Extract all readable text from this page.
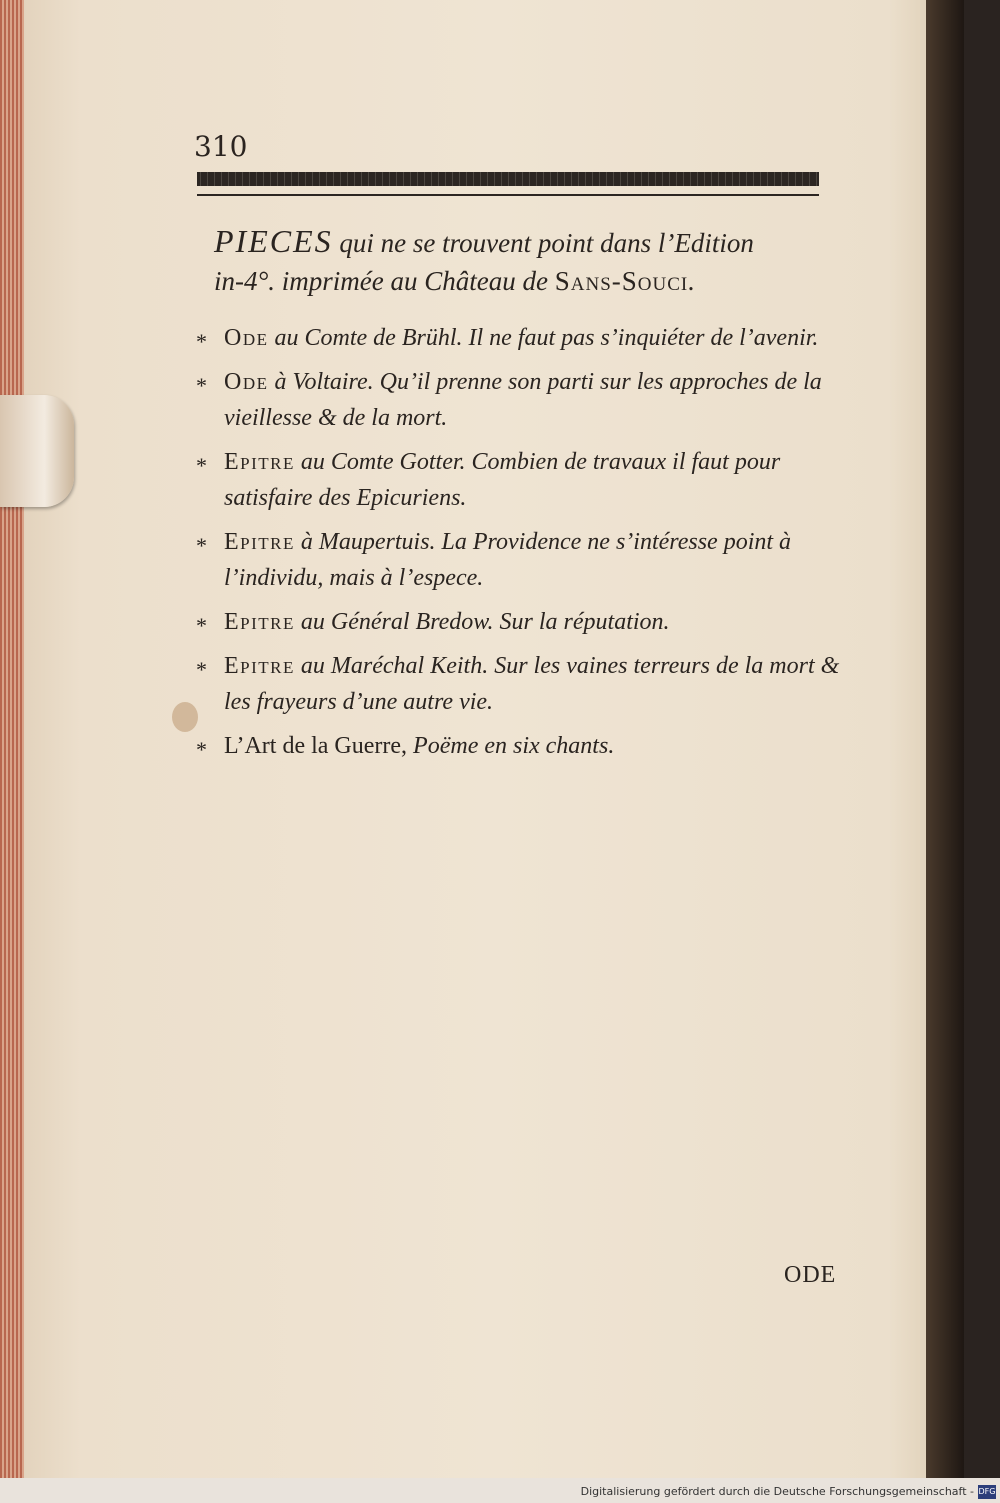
310

PIECES qui ne se trouvent point dans l’Edition
in-4°. imprimée au Château de Sans-Souci.

* Ode au Comte de Brühl. Il ne faut pas s’inquiéter de l’avenir.
* Ode à Voltaire. Qu’il prenne son parti sur les approches de la vieillesse & de la mort.
* Epitre au Comte Gotter. Combien de travaux il faut pour satisfaire des Epicuriens.
* Epitre à Maupertuis. La Providence ne s’intéresse point à l’individu, mais à l’espece.
* Epitre au Général Bredow. Sur la réputation.
* Epitre au Maréchal Keith. Sur les vaines terreurs de la mort & les frayeurs d’une autre vie.
* L’Art de la Guerre, Poëme en six chants.
ODE
Digitalisierung gefördert durch die Deutsche Forschungsgemeinschaft - DFG
